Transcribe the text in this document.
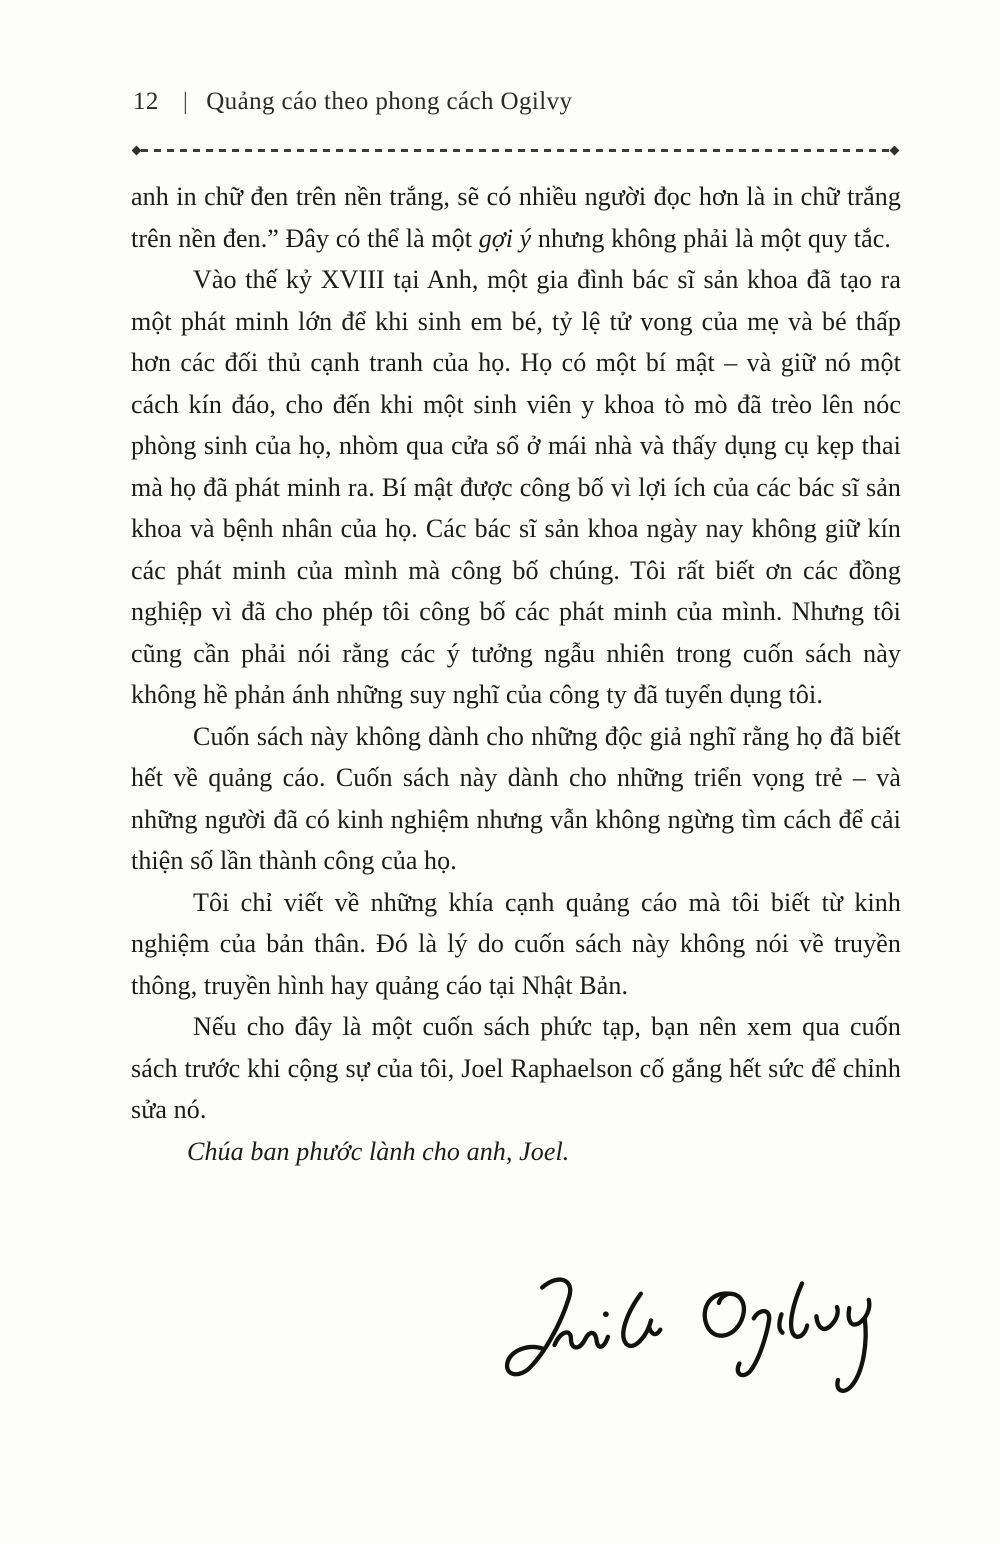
12	| Quảng cáo theo phong cách Ogilvy

anh in chữ đen trên nền trắng, sẽ có nhiều người đọc hơn là in chữ trắng trên nền đen.” Đây có thể là một gợi ý nhưng không phải là một quy tắc.

Vào thế kỷ XVIII tại Anh, một gia đình bác sĩ sản khoa đã tạo ra một phát minh lớn để khi sinh em bé, tỷ lệ tử vong của mẹ và bé thấp hơn các đối thủ cạnh tranh của họ. Họ có một bí mật – và giữ nó một cách kín đáo, cho đến khi một sinh viên y khoa tò mò đã trèo lên nóc phòng sinh của họ, nhòm qua cửa sổ ở mái nhà và thấy dụng cụ kẹp thai mà họ đã phát minh ra. Bí mật được công bố vì lợi ích của các bác sĩ sản khoa và bệnh nhân của họ. Các bác sĩ sản khoa ngày nay không giữ kín các phát minh của mình mà công bố chúng. Tôi rất biết ơn các đồng nghiệp vì đã cho phép tôi công bố các phát minh của mình. Nhưng tôi cũng cần phải nói rằng các ý tưởng ngẫu nhiên trong cuốn sách này không hề phản ánh những suy nghĩ của công ty đã tuyển dụng tôi.

Cuốn sách này không dành cho những độc giả nghĩ rằng họ đã biết hết về quảng cáo. Cuốn sách này dành cho những triển vọng trẻ – và những người đã có kinh nghiệm nhưng vẫn không ngừng tìm cách để cải thiện số lần thành công của họ.

Tôi chỉ viết về những khía cạnh quảng cáo mà tôi biết từ kinh nghiệm của bản thân. Đó là lý do cuốn sách này không nói về truyền thông, truyền hình hay quảng cáo tại Nhật Bản.

Nếu cho đây là một cuốn sách phức tạp, bạn nên xem qua cuốn sách trước khi cộng sự của tôi, Joel Raphaelson cố gắng hết sức để chỉnh sửa nó.

Chúa ban phước lành cho anh, Joel.
